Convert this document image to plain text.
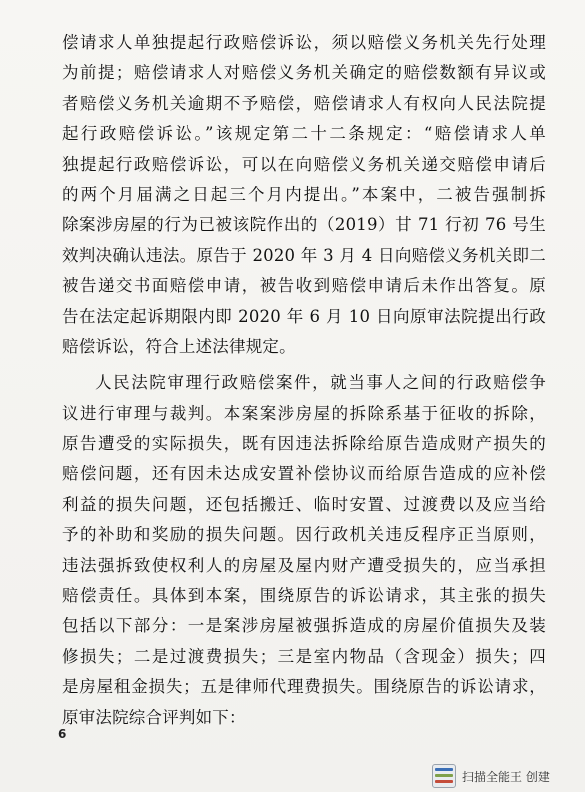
偿请求人单独提起行政赔偿诉讼，须以赔偿义务机关先行处理
为前提；赔偿请求人对赔偿义务机关确定的赔偿数额有异议或
者赔偿义务机关逾期不予赔偿，赔偿请求人有权向人民法院提
起行政赔偿诉讼。”该规定第二十二条规定：“赔偿请求人单
独提起行政赔偿诉讼，可以在向赔偿义务机关递交赔偿申请后
的两个月届满之日起三个月内提出。”本案中，二被告强制拆
除案涉房屋的行为已被该院作出的（2019）甘 71 行初 76 号生
效判决确认违法。原告于 2020 年 3 月 4 日向赔偿义务机关即二
被告递交书面赔偿申请，被告收到赔偿申请后未作出答复。原
告在法定起诉期限内即 2020 年 6 月 10 日向原审法院提出行政
赔偿诉讼，符合上述法律规定。
人民法院审理行政赔偿案件，就当事人之间的行政赔偿争
议进行审理与裁判。本案案涉房屋的拆除系基于征收的拆除，
原告遭受的实际损失，既有因违法拆除给原告造成财产损失的
赔偿问题，还有因未达成安置补偿协议而给原告造成的应补偿
利益的损失问题，还包括搬迁、临时安置、过渡费以及应当给
予的补助和奖励的损失问题。因行政机关违反程序正当原则，
违法强拆致使权利人的房屋及屋内财产遭受损失的，应当承担
赔偿责任。具体到本案，围绕原告的诉讼请求，其主张的损失
包括以下部分：一是案涉房屋被强拆造成的房屋价值损失及装
修损失；二是过渡费损失；三是室内物品（含现金）损失；四
是房屋租金损失；五是律师代理费损失。围绕原告的诉讼请求，
原审法院综合评判如下：
6
扫描全能王 创建
